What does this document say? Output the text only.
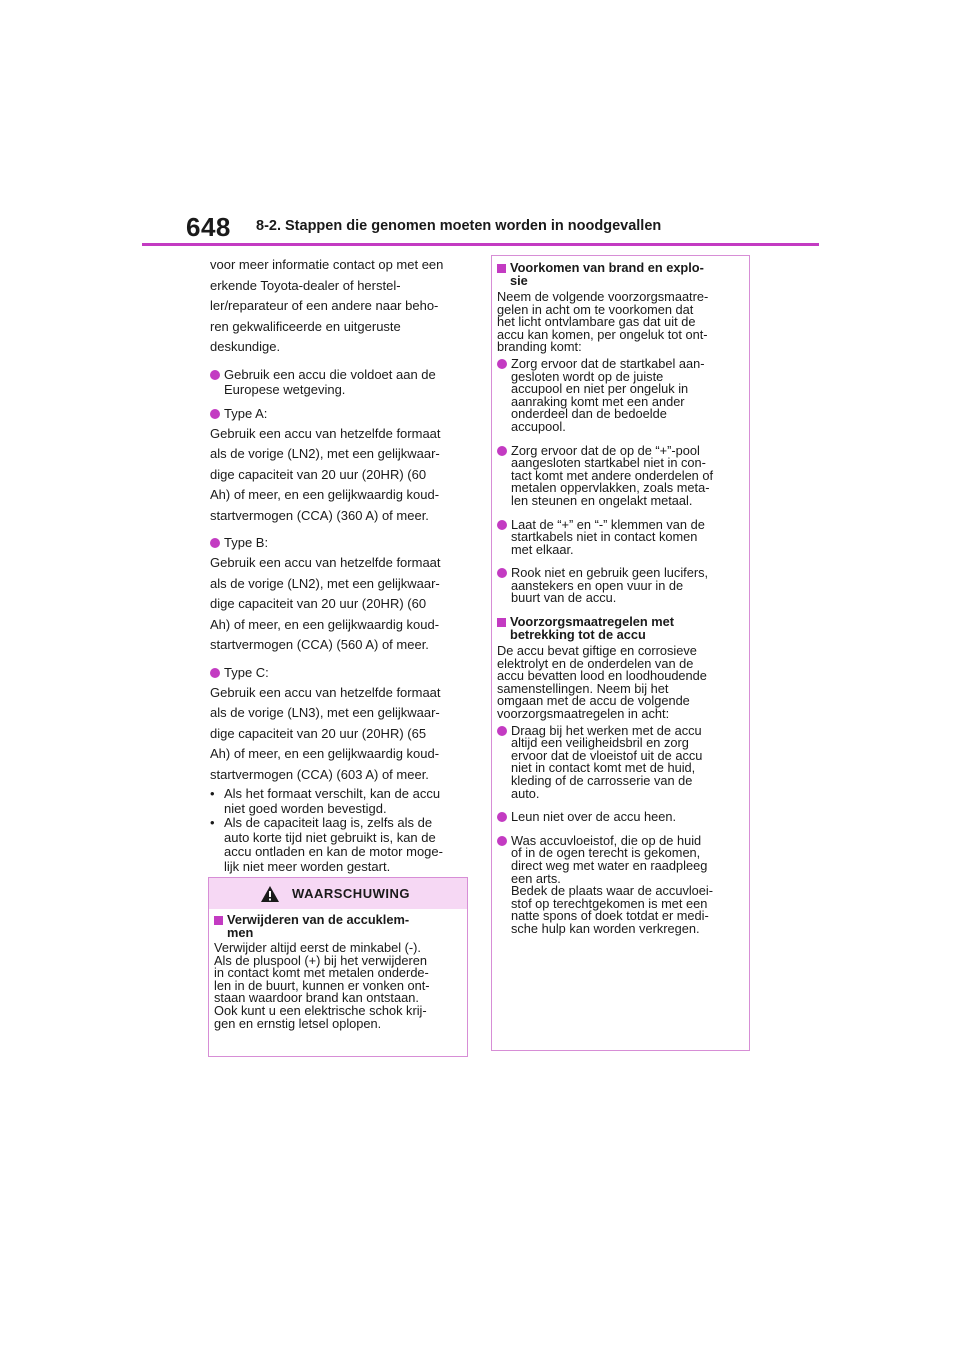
648 8-2. Stappen die genomen moeten worden in noodgevallen

voor meer informatie contact op met een

erkende Toyota-dealer of herstel-

ler/reparateur of een andere naar beho-

ren gekwalificeerde en uitgeruste

deskundige.

Gebruik een accu die voldoet aan de

Europese wetgeving.

Type A:

Gebruik een accu van hetzelfde formaat

als de vorige (LN2), met een gelijkwaar-

dige capaciteit van 20 uur (20HR) (60

Ah) of meer, en een gelijkwaardig koud-

startvermogen (CCA) (360 A) of meer.

Type B:

Gebruik een accu van hetzelfde formaat

als de vorige (LN2), met een gelijkwaar-

dige capaciteit van 20 uur (20HR) (60

Ah) of meer, en een gelijkwaardig koud-

startvermogen (CCA) (560 A) of meer.

Type C:

Gebruik een accu van hetzelfde formaat

als de vorige (LN3), met een gelijkwaar-

dige capaciteit van 20 uur (20HR) (65

Ah) of meer, en een gelijkwaardig koud-

startvermogen (CCA) (603 A) of meer.

• Als het formaat verschilt, kan de accu

niet goed worden bevestigd.

• Als de capaciteit laag is, zelfs als de

auto korte tijd niet gebruikt is, kan de

accu ontladen en kan de motor moge-

lijk niet meer worden gestart.

WAARSCHUWING

Verwijderen van de accuklem-

men

Verwijder altijd eerst de minkabel (-).

Als de pluspool (+) bij het verwijderen

in contact komt met metalen onderde-

len in de buurt, kunnen er vonken ont-

staan waardoor brand kan ontstaan.

Ook kunt u een elektrische schok krij-

gen en ernstig letsel oplopen.

Voorkomen van brand en explo-

sie

Neem de volgende voorzorgsmaatre-

gelen in acht om te voorkomen dat

het licht ontvlambare gas dat uit de

accu kan komen, per ongeluk tot ont-

branding komt:

Zorg ervoor dat de startkabel aan-

gesloten wordt op de juiste

accupool en niet per ongeluk in

aanraking komt met een ander

onderdeel dan de bedoelde

accupool.

Zorg ervoor dat de op de “+”-pool

aangesloten startkabel niet in con-

tact komt met andere onderdelen of

metalen oppervlakken, zoals meta-

len steunen en ongelakt metaal.

Laat de “+” en “-” klemmen van de

startkabels niet in contact komen

met elkaar.

Rook niet en gebruik geen lucifers,

aanstekers en open vuur in de

buurt van de accu.

Voorzorgsmaatregelen met

betrekking tot de accu

De accu bevat giftige en corrosieve

elektrolyt en de onderdelen van de

accu bevatten lood en loodhoudende

samenstellingen. Neem bij het

omgaan met de accu de volgende

voorzorgsmaatregelen in acht:

Draag bij het werken met de accu

altijd een veiligheidsbril en zorg

ervoor dat de vloeistof uit de accu

niet in contact komt met de huid,

kleding of de carrosserie van de

auto.

Leun niet over de accu heen.

Was accuvloeistof, die op de huid

of in de ogen terecht is gekomen,

direct weg met water en raadpleeg

een arts.

Bedek de plaats waar de accuvloei-

stof op terechtgekomen is met een

natte spons of doek totdat er medi-

sche hulp kan worden verkregen.
